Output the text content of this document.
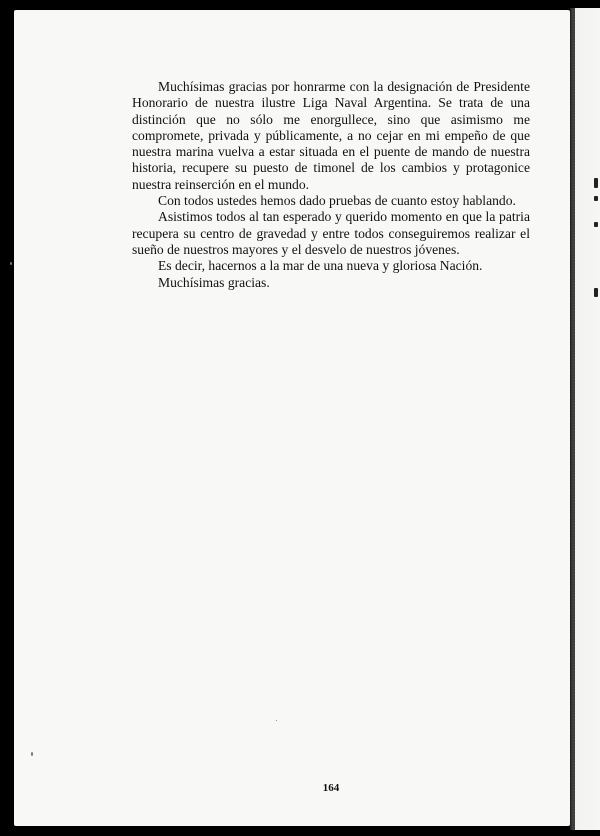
Muchísimas gracias por honrarme con la designación de Presidente Honorario de nuestra ilustre Liga Naval Argentina. Se trata de una distinción que no sólo me enorgullece, sino que asimismo me compromete, privada y públicamente, a no cejar en mi empeño de que nuestra marina vuelva a estar situada en el puente de mando de nuestra historia, recupere su puesto de timonel de los cambios y protagonice nuestra reinserción en el mundo.

Con todos ustedes hemos dado pruebas de cuanto estoy hablando.

Asistimos todos al tan esperado y querido momento en que la patria recupera su centro de gravedad y entre todos conseguiremos realizar el sueño de nuestros mayores y el desvelo de nuestros jóvenes.

Es decir, hacernos a la mar de una nueva y gloriosa Nación.

Muchísimas gracias.

164
